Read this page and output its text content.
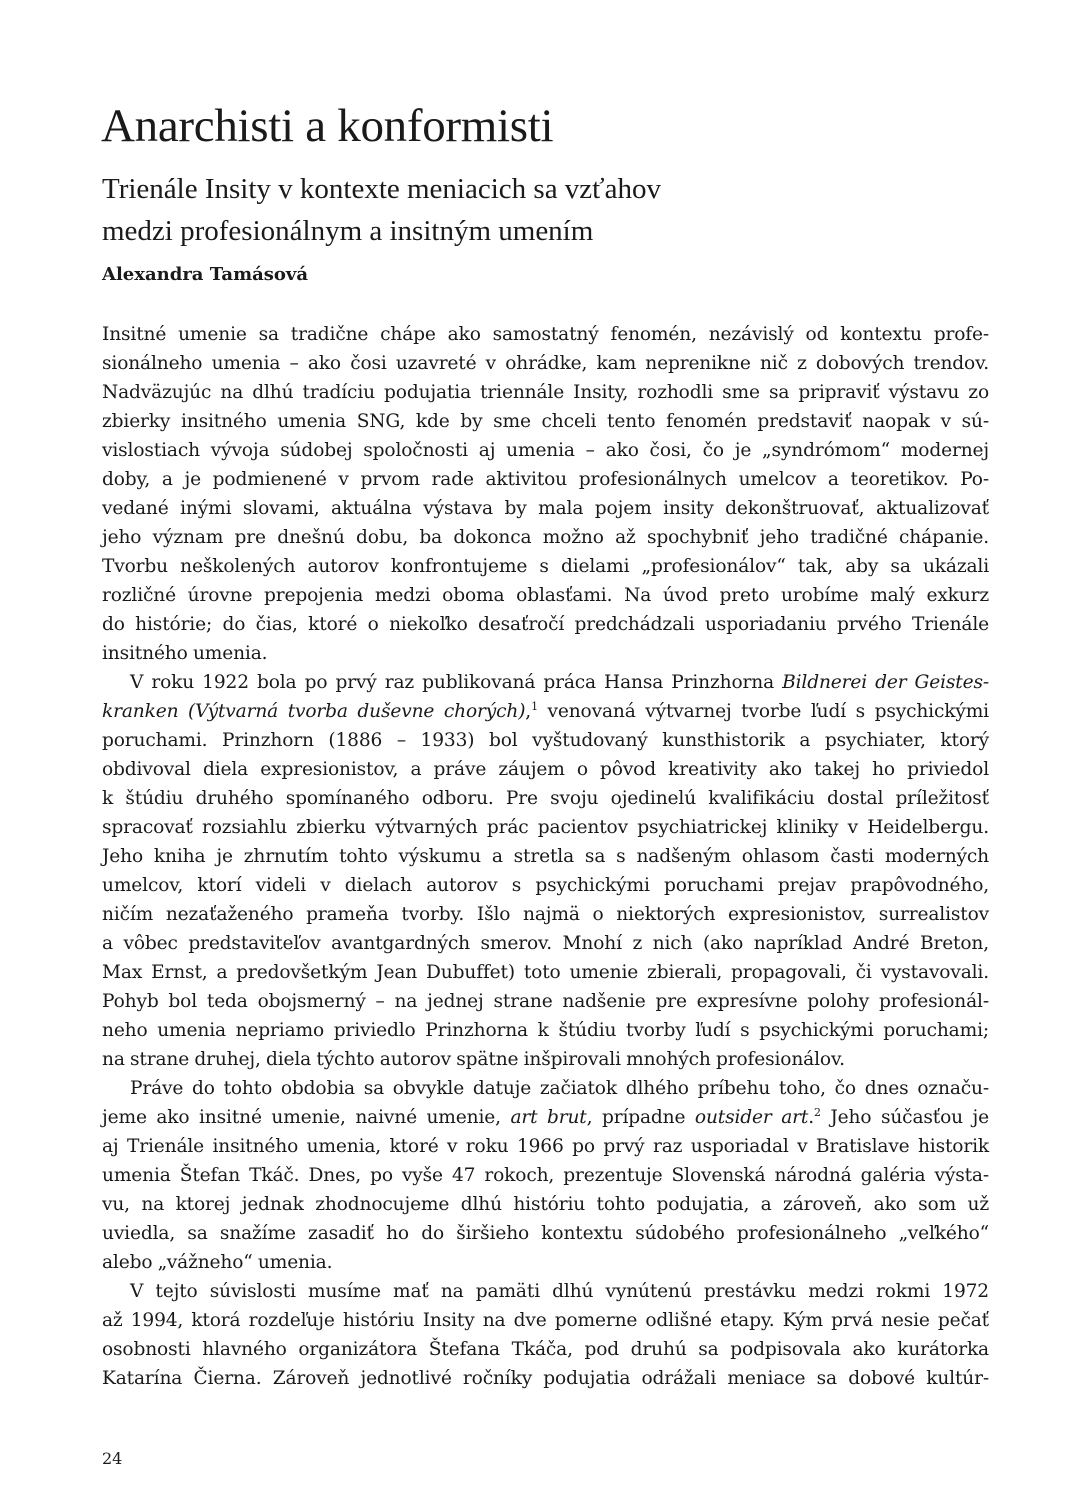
Anarchisti a konformisti
Trienále Insity v kontexte meniacich sa vzťahov
medzi profesionálnym a insitným umením

Alexandra Tamásová

Insitné umenie sa tradične chápe ako samostatný fenomén, nezávislý od kontextu profe-
sionálneho umenia – ako čosi uzavreté v ohrádke, kam neprenikne nič z dobových trendov.
Nadväzujúc na dlhú tradíciu podujatia triennále Insity, rozhodli sme sa pripraviť výstavu zo
zbierky insitného umenia SNG, kde by sme chceli tento fenomén predstaviť naopak v sú-
vislostiach vývoja súdobej spoločnosti aj umenia – ako čosi, čo je „syndrómom“ modernej
doby, a je podmienené v prvom rade aktivitou profesionálnych umelcov a teoretikov. Po-
vedané inými slovami, aktuálna výstava by mala pojem insity dekonštruovať, aktualizovať
jeho význam pre dnešnú dobu, ba dokonca možno až spochybniť jeho tradičné chápanie.
Tvorbu neškolených autorov konfrontujeme s dielami „profesionálov“ tak, aby sa ukázali
rozličné úrovne prepojenia medzi oboma oblasťami. Na úvod preto urobíme malý exkurz
do histórie; do čias, ktoré o niekoľko desaťročí predchádzali usporiadaniu prvého Trienále
insitného umenia.

V roku 1922 bola po prvý raz publikovaná práca Hansa Prinzhorna Bildnerei der Geistes-
kranken (Výtvarná tvorba duševne chorých),$^1$ venovaná výtvarnej tvorbe ľudí s psychickými
poruchami. Prinzhorn (1886 – 1933) bol vyštudovaný kunsthistorik a psychiater, ktorý
obdivoval diela expresionistov, a práve záujem o pôvod kreativity ako takej ho priviedol
k štúdiu druhého spomínaného odboru. Pre svoju ojedinelú kvalifikáciu dostal príležitosť
spracovať rozsiahlu zbierku výtvarných prác pacientov psychiatrickej kliniky v Heidelbergu.
Jeho kniha je zhrnutím tohto výskumu a stretla sa s nadšeným ohlasom časti moderných
umelcov, ktorí videli v dielach autorov s psychickými poruchami prejav prapôvodného,
ničím nezaťaženého prameňa tvorby. Išlo najmä o niektorých expresionistov, surrealistov
a vôbec predstaviteľov avantgardných smerov. Mnohí z nich (ako napríklad André Breton,
Max Ernst, a predovšetkým Jean Dubuffet) toto umenie zbierali, propagovali, či vystavovali.
Pohyb bol teda obojsmerný – na jednej strane nadšenie pre expresívne polohy profesionál-
neho umenia nepriamo priviedlo Prinzhorna k štúdiu tvorby ľudí s psychickými poruchami;
na strane druhej, diela týchto autorov spätne inšpirovali mnohých profesionálov.

Práve do tohto obdobia sa obvykle datuje začiatok dlhého príbehu toho, čo dnes označu-
jeme ako insitné umenie, naivné umenie, art brut, prípadne outsider art.$^2$ Jeho súčasťou je
aj Trienále insitného umenia, ktoré v roku 1966 po prvý raz usporiadal v Bratislave historik
umenia Štefan Tkáč. Dnes, po vyše 47 rokoch, prezentuje Slovenská národná galéria výsta-
vu, na ktorej jednak zhodnocujeme dlhú históriu tohto podujatia, a zároveň, ako som už
uviedla, sa snažíme zasadiť ho do širšieho kontextu súdobého profesionálneho „veľkého“
alebo „vážneho“ umenia.

V tejto súvislosti musíme mať na pamäti dlhú vynútenú prestávku medzi rokmi 1972
až 1994, ktorá rozdeľuje históriu Insity na dve pomerne odlišné etapy. Kým prvá nesie pečať
osobnosti hlavného organizátora Štefana Tkáča, pod druhú sa podpisovala ako kurátorka
Katarína Čierna. Zároveň jednotlivé ročníky podujatia odrážali meniace sa dobové kultúr-

24
